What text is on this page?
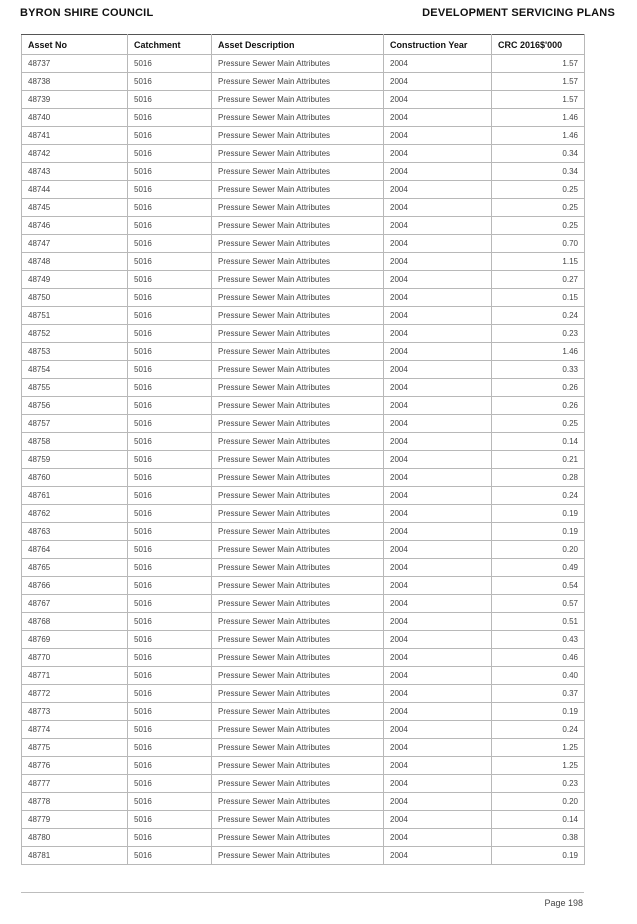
BYRON SHIRE COUNCIL	DEVELOPMENT SERVICING PLANS
Asset No	Catchment	Asset Description	Construction Year	CRC 2016$'000
48737	5016	Pressure Sewer Main Attributes	2004	1.57
48738	5016	Pressure Sewer Main Attributes	2004	1.57
48739	5016	Pressure Sewer Main Attributes	2004	1.57
48740	5016	Pressure Sewer Main Attributes	2004	1.46
48741	5016	Pressure Sewer Main Attributes	2004	1.46
48742	5016	Pressure Sewer Main Attributes	2004	0.34
48743	5016	Pressure Sewer Main Attributes	2004	0.34
48744	5016	Pressure Sewer Main Attributes	2004	0.25
48745	5016	Pressure Sewer Main Attributes	2004	0.25
48746	5016	Pressure Sewer Main Attributes	2004	0.25
48747	5016	Pressure Sewer Main Attributes	2004	0.70
48748	5016	Pressure Sewer Main Attributes	2004	1.15
48749	5016	Pressure Sewer Main Attributes	2004	0.27
48750	5016	Pressure Sewer Main Attributes	2004	0.15
48751	5016	Pressure Sewer Main Attributes	2004	0.24
48752	5016	Pressure Sewer Main Attributes	2004	0.23
48753	5016	Pressure Sewer Main Attributes	2004	1.46
48754	5016	Pressure Sewer Main Attributes	2004	0.33
48755	5016	Pressure Sewer Main Attributes	2004	0.26
48756	5016	Pressure Sewer Main Attributes	2004	0.26
48757	5016	Pressure Sewer Main Attributes	2004	0.25
48758	5016	Pressure Sewer Main Attributes	2004	0.14
48759	5016	Pressure Sewer Main Attributes	2004	0.21
48760	5016	Pressure Sewer Main Attributes	2004	0.28
48761	5016	Pressure Sewer Main Attributes	2004	0.24
48762	5016	Pressure Sewer Main Attributes	2004	0.19
48763	5016	Pressure Sewer Main Attributes	2004	0.19
48764	5016	Pressure Sewer Main Attributes	2004	0.20
48765	5016	Pressure Sewer Main Attributes	2004	0.49
48766	5016	Pressure Sewer Main Attributes	2004	0.54
48767	5016	Pressure Sewer Main Attributes	2004	0.57
48768	5016	Pressure Sewer Main Attributes	2004	0.51
48769	5016	Pressure Sewer Main Attributes	2004	0.43
48770	5016	Pressure Sewer Main Attributes	2004	0.46
48771	5016	Pressure Sewer Main Attributes	2004	0.40
48772	5016	Pressure Sewer Main Attributes	2004	0.37
48773	5016	Pressure Sewer Main Attributes	2004	0.19
48774	5016	Pressure Sewer Main Attributes	2004	0.24
48775	5016	Pressure Sewer Main Attributes	2004	1.25
48776	5016	Pressure Sewer Main Attributes	2004	1.25
48777	5016	Pressure Sewer Main Attributes	2004	0.23
48778	5016	Pressure Sewer Main Attributes	2004	0.20
48779	5016	Pressure Sewer Main Attributes	2004	0.14
48780	5016	Pressure Sewer Main Attributes	2004	0.38
48781	5016	Pressure Sewer Main Attributes	2004	0.19
Page 198
